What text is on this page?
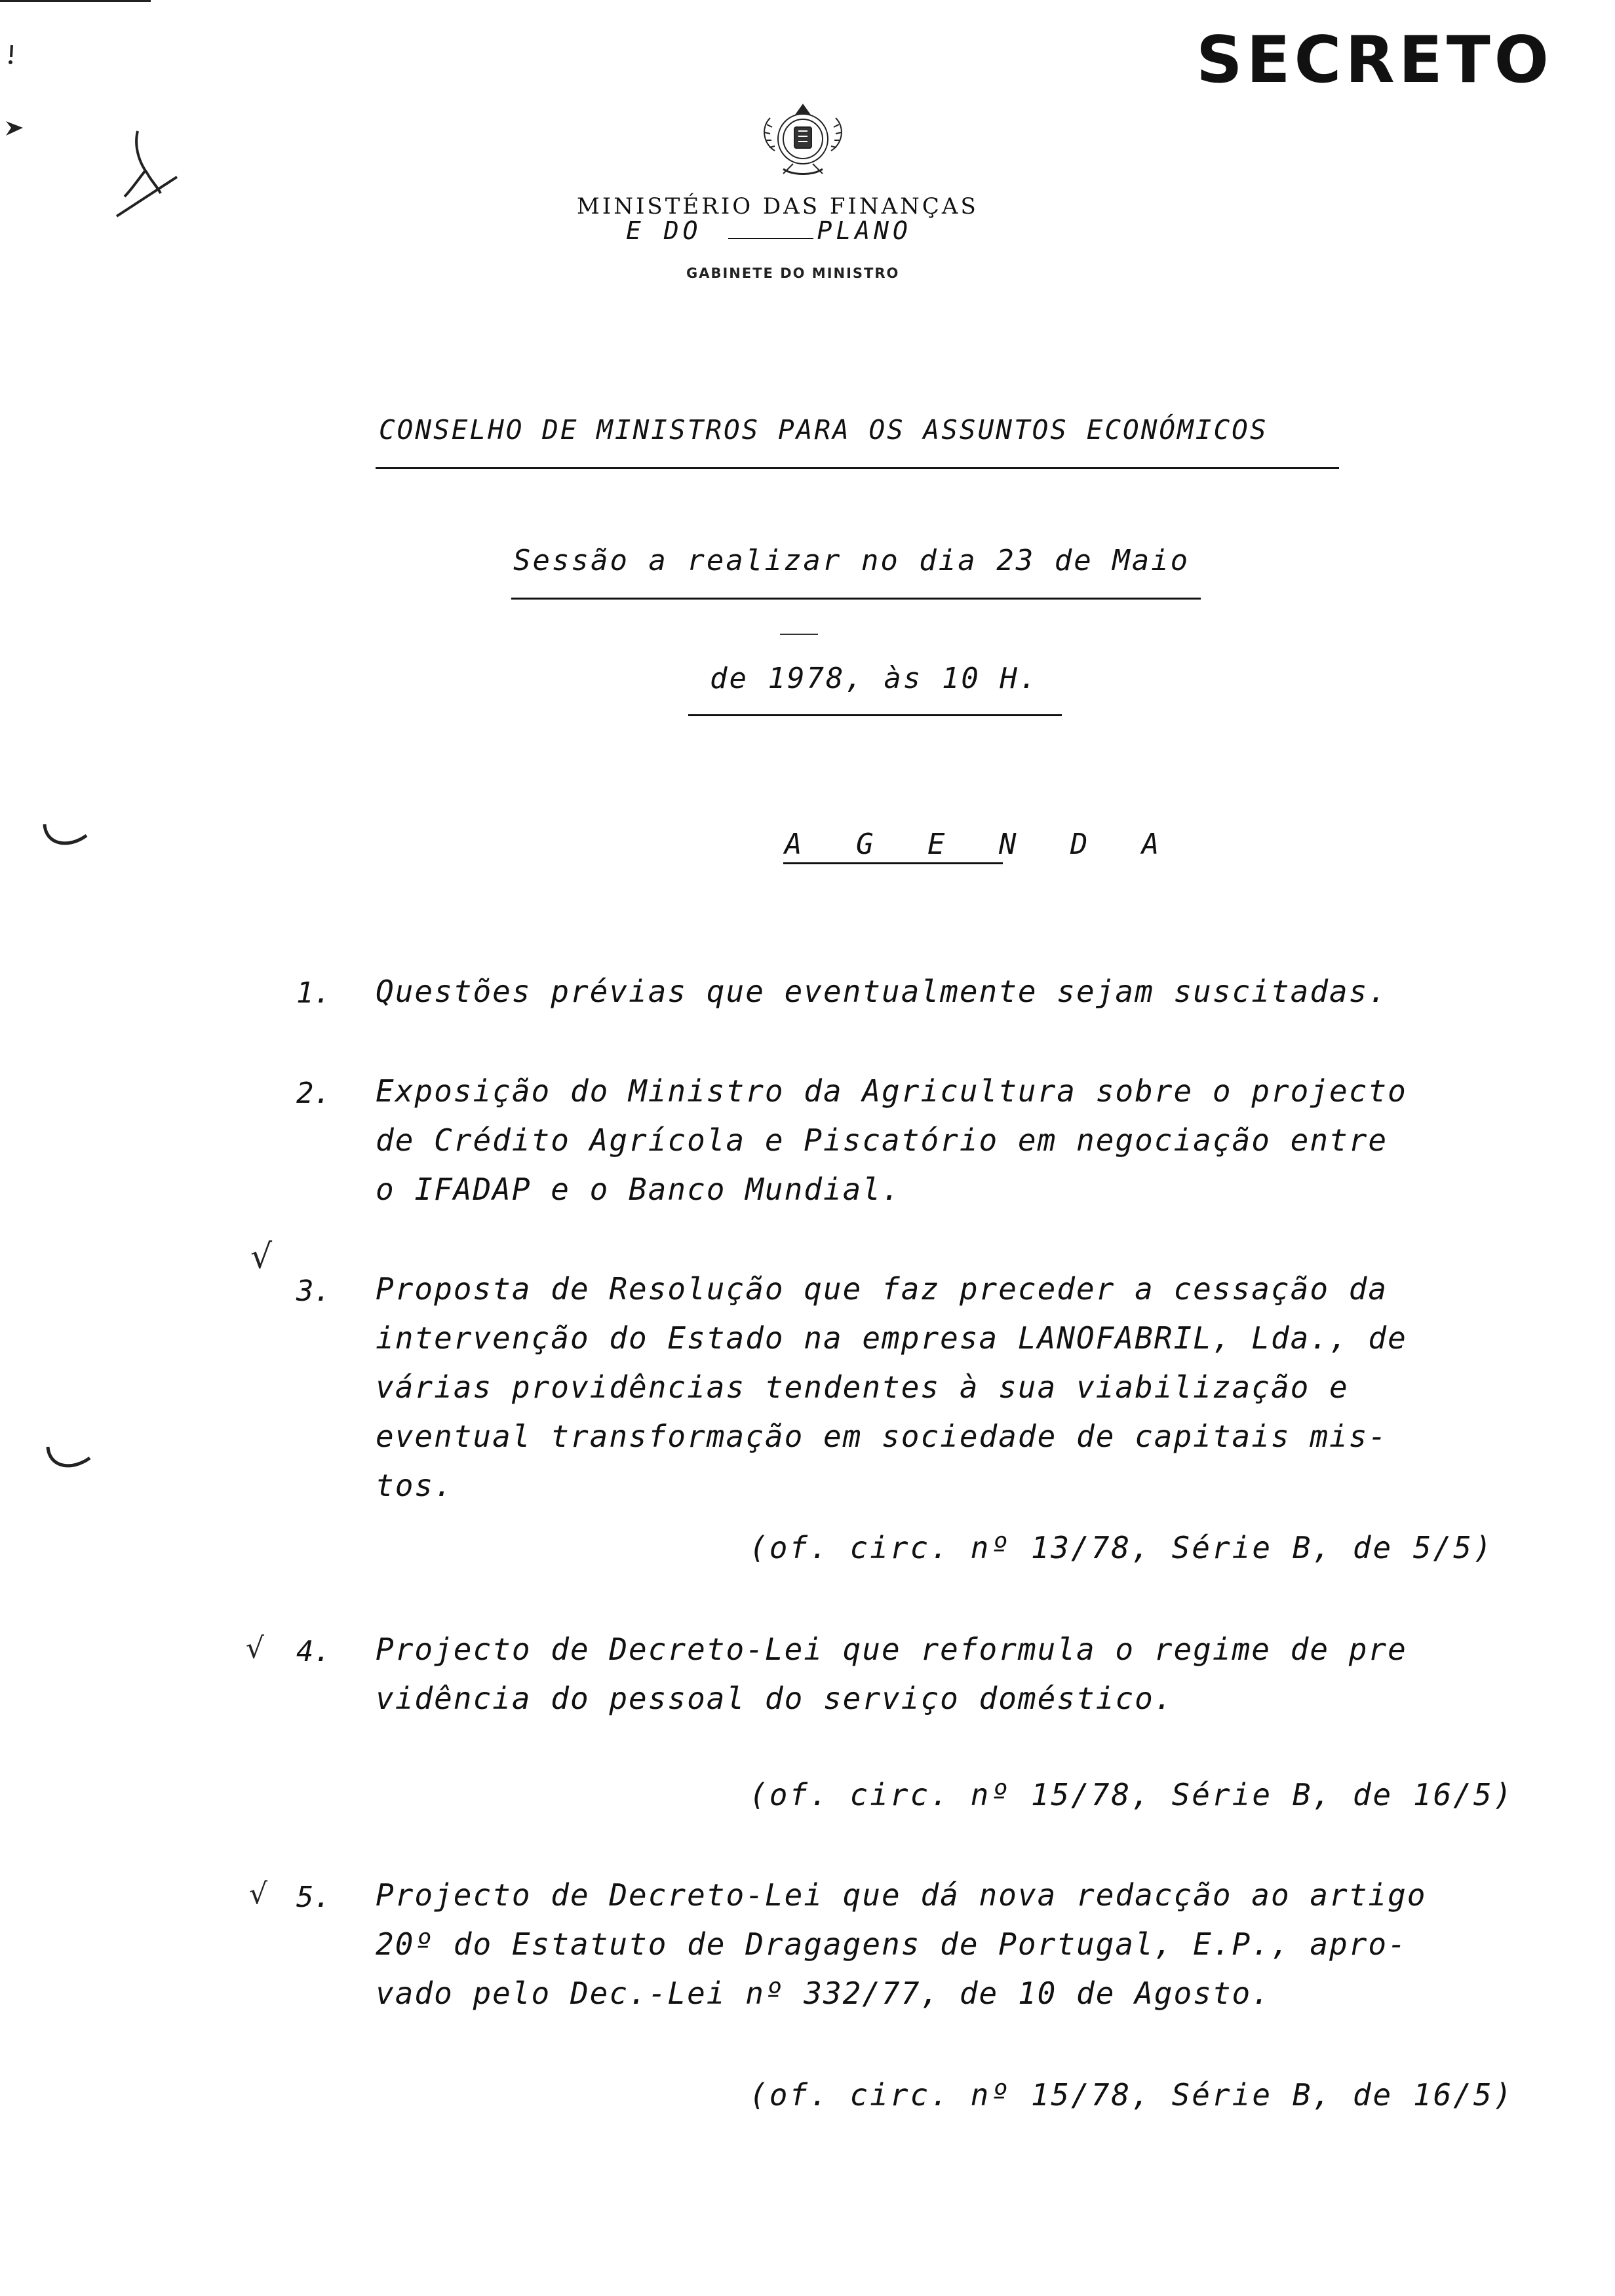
SECRETO
MINISTÉRIO DAS FINANÇAS
E DO	PLANO
GABINETE DO MINISTRO
CONSELHO DE MINISTROS PARA OS ASSUNTOS ECONÓMICOS
Sessão a realizar no dia 23 de Maio
de 1978, às 10 H.
A G E N D A
1. Questões prévias que eventualmente sejam suscitadas.
2. Exposição do Ministro da Agricultura sobre o projecto
de Crédito Agrícola e Piscatório em negociação entre
o IFADAP e o Banco Mundial.
√
3. Proposta de Resolução que faz preceder a cessação da
intervenção do Estado na empresa LANOFABRIL, Lda., de
várias providências tendentes à sua viabilização e
eventual transformação em sociedade de capitais mis-
tos.
(of. circ. nº 13/78, Série B, de 5/5)
√ 4. Projecto de Decreto-Lei que reformula o regime de pre
vidência do pessoal do serviço doméstico.
(of. circ. nº 15/78, Série B, de 16/5)
√ 5. Projecto de Decreto-Lei que dá nova redacção ao artigo
20º do Estatuto de Dragagens de Portugal, E.P., apro-
vado pelo Dec.-Lei nº 332/77, de 10 de Agosto.
(of. circ. nº 15/78, Série B, de 16/5)
